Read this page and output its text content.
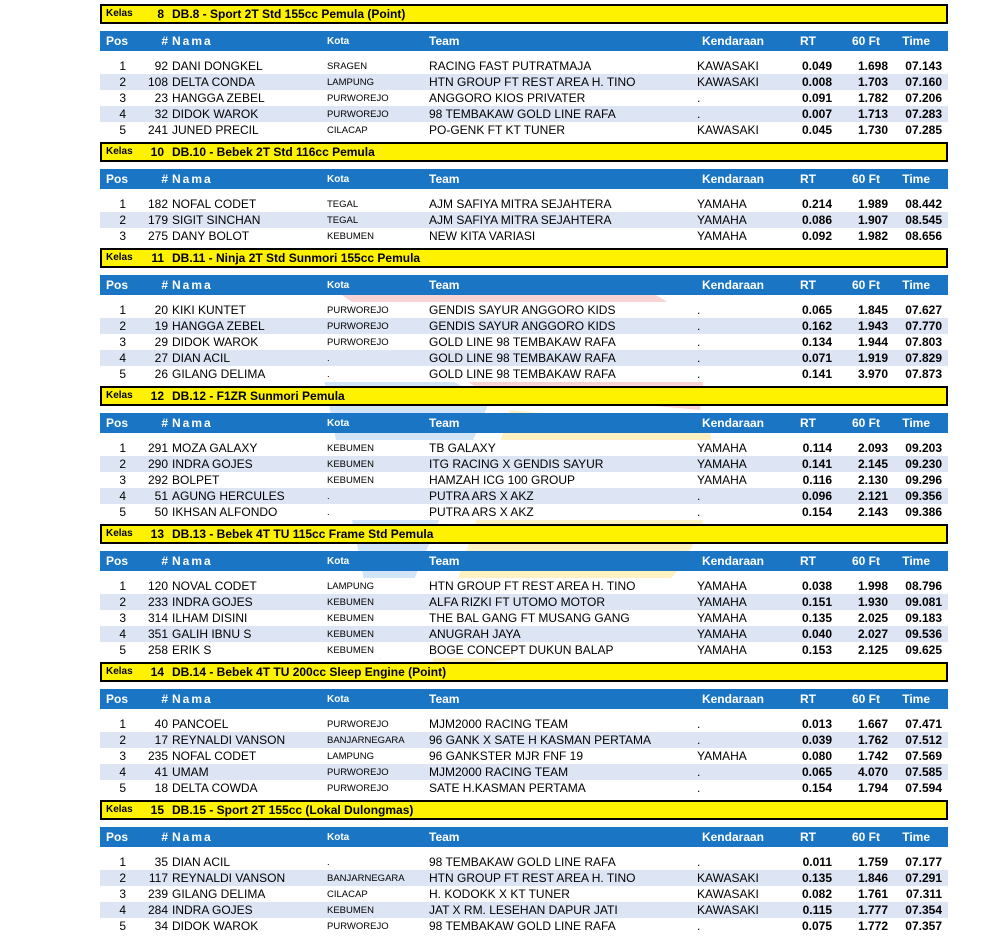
Kelas	8 DB.8 - Sport 2T Std 155cc Pemula (Point)
Pos	# Nama	Kota	Team	Kendaraan	RT	60 Ft	Time
1	92 DANI DONGKEL	SRAGEN	RACING FAST PUTRATMAJA	KAWASAKI	0.049	1.698	07.143
2	108 DELTA CONDA	LAMPUNG	HTN GROUP FT REST AREA H. TINO	KAWASAKI	0.008	1.703	07.160
3	23 HANGGA ZEBEL	PURWOREJO	ANGGORO KIOS PRIVATER	.	0.091	1.782	07.206
4	32 DIDOK WAROK	PURWOREJO	98 TEMBAKAW GOLD LINE RAFA	.	0.007	1.713	07.283
5	241 JUNED PRECIL	CILACAP	PO-GENK FT KT TUNER	KAWASAKI	0.045	1.730	07.285
Kelas	10 DB.10 - Bebek 2T Std 116cc Pemula
Pos	# Nama	Kota	Team	Kendaraan	RT	60 Ft	Time
1	182 NOFAL CODET	TEGAL	AJM SAFIYA MITRA SEJAHTERA	YAMAHA	0.214	1.989	08.442
2	179 SIGIT SINCHAN	TEGAL	AJM SAFIYA MITRA SEJAHTERA	YAMAHA	0.086	1.907	08.545
3	275 DANY BOLOT	KEBUMEN	NEW KITA VARIASI	YAMAHA	0.092	1.982	08.656
Kelas	11 DB.11 - Ninja 2T Std Sunmori 155cc Pemula
Pos	# Nama	Kota	Team	Kendaraan	RT	60 Ft	Time
1	20 KIKI KUNTET	PURWOREJO	GENDIS SAYUR ANGGORO KIDS	.	0.065	1.845	07.627
2	19 HANGGA ZEBEL	PURWOREJO	GENDIS SAYUR ANGGORO KIDS	.	0.162	1.943	07.770
3	29 DIDOK WAROK	PURWOREJO	GOLD LINE 98 TEMBAKAW RAFA	.	0.134	1.944	07.803
4	27 DIAN ACIL	.	GOLD LINE 98 TEMBAKAW RAFA	.	0.071	1.919	07.829
5	26 GILANG DELIMA	.	GOLD LINE 98 TEMBAKAW RAFA	.	0.141	3.970	07.873
Kelas	12 DB.12 - F1ZR Sunmori Pemula
Pos	# Nama	Kota	Team	Kendaraan	RT	60 Ft	Time
1	291 MOZA GALAXY	KEBUMEN	TB GALAXY	YAMAHA	0.114	2.093	09.203
2	290 INDRA GOJES	KEBUMEN	ITG RACING X GENDIS SAYUR	YAMAHA	0.141	2.145	09.230
3	292 BOLPET	KEBUMEN	HAMZAH ICG 100 GROUP	YAMAHA	0.116	2.130	09.296
4	51 AGUNG HERCULES	.	PUTRA ARS X AKZ	.	0.096	2.121	09.356
5	50 IKHSAN ALFONDO	.	PUTRA ARS X AKZ	.	0.154	2.143	09.386
Kelas	13 DB.13 - Bebek 4T TU 115cc Frame Std Pemula
Pos	# Nama	Kota	Team	Kendaraan	RT	60 Ft	Time
1	120 NOVAL CODET	LAMPUNG	HTN GROUP FT REST AREA H. TINO	YAMAHA	0.038	1.998	08.796
2	233 INDRA GOJES	KEBUMEN	ALFA RIZKI FT UTOMO MOTOR	YAMAHA	0.151	1.930	09.081
3	314 ILHAM DISINI	KEBUMEN	THE BAL GANG FT MUSANG GANG	YAMAHA	0.135	2.025	09.183
4	351 GALIH IBNU S	KEBUMEN	ANUGRAH JAYA	YAMAHA	0.040	2.027	09.536
5	258 ERIK S	KEBUMEN	BOGE CONCEPT DUKUN BALAP	YAMAHA	0.153	2.125	09.625
Kelas	14 DB.14 - Bebek 4T TU 200cc Sleep Engine (Point)
Pos	# Nama	Kota	Team	Kendaraan	RT	60 Ft	Time
1	40 PANCOEL	PURWOREJO	MJM2000 RACING TEAM	.	0.013	1.667	07.471
2	17 REYNALDI VANSON	BANJARNEGARA	96 GANK X SATE H KASMAN PERTAMA	.	0.039	1.762	07.512
3	235 NOFAL CODET	LAMPUNG	96 GANKSTER MJR FNF 19	YAMAHA	0.080	1.742	07.569
4	41 UMAM	PURWOREJO	MJM2000 RACING TEAM	.	0.065	4.070	07.585
5	18 DELTA COWDA	PURWOREJO	SATE H.KASMAN PERTAMA	.	0.154	1.794	07.594
Kelas	15 DB.15 - Sport 2T 155cc (Lokal Dulongmas)
Pos	# Nama	Kota	Team	Kendaraan	RT	60 Ft	Time
1	35 DIAN ACIL	.	98 TEMBAKAW GOLD LINE RAFA	.	0.011	1.759	07.177
2	117 REYNALDI VANSON	BANJARNEGARA	HTN GROUP FT REST AREA H. TINO	KAWASAKI	0.135	1.846	07.291
3	239 GILANG DELIMA	CILACAP	H. KODOKK X KT TUNER	KAWASAKI	0.082	1.761	07.311
4	284 INDRA GOJES	KEBUMEN	JAT X RM. LESEHAN DAPUR JATI	KAWASAKI	0.115	1.777	07.354
5	34 DIDOK WAROK	PURWOREJO	98 TEMBAKAW GOLD LINE RAFA	.	0.075	1.772	07.357
